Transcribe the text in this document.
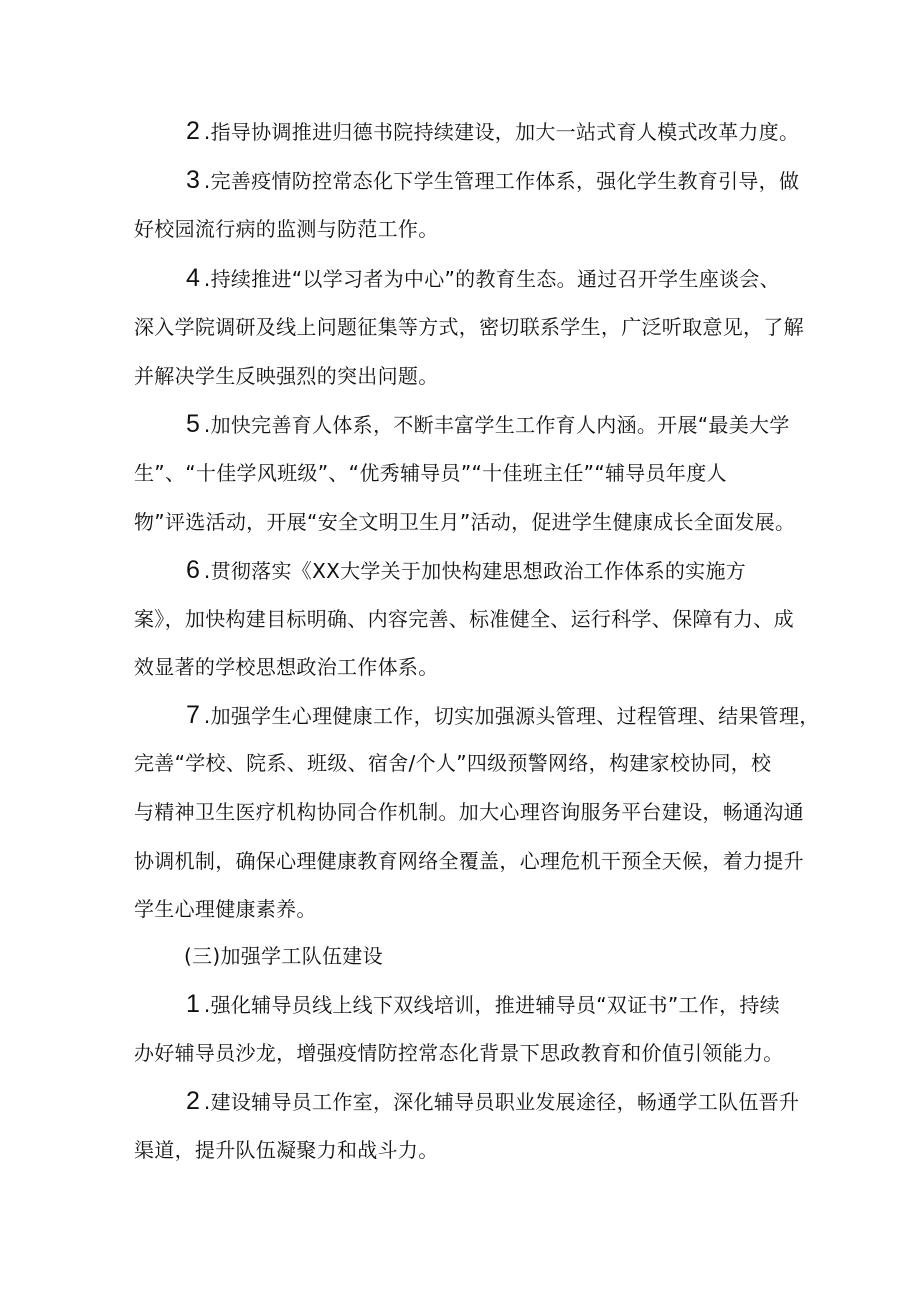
2 .指导协调推进归德书院持续建设，加大一站式育人模式改革力度。
3 .完善疫情防控常态化下学生管理工作体系，强化学生教育引导，做
好校园流行病的监测与防范工作。
4 .持续推进“以学习者为中心”的教育生态。通过召开学生座谈会、
深入学院调研及线上问题征集等方式，密切联系学生，广泛听取意见，了解
并解决学生反映强烈的突出问题。
5 .加快完善育人体系，不断丰富学生工作育人内涵。开展“最美大学
生”、“十佳学风班级”、“优秀辅导员”“十佳班主任”“辅导员年度人
物”评选活动，开展“安全文明卫生月”活动，促进学生健康成长全面发展。
6 .贯彻落实《XX大学关于加快构建思想政治工作体系的实施方
案》，加快构建目标明确、内容完善、标准健全、运行科学、保障有力、成
效显著的学校思想政治工作体系。
7 .加强学生心理健康工作，切实加强源头管理、过程管理、结果管理，
完善“学校、院系、班级、宿舍/个人”四级预警网络，构建家校协同，校
与精神卫生医疗机构协同合作机制。加大心理咨询服务平台建设，畅通沟通
协调机制，确保心理健康教育网络全覆盖，心理危机干预全天候，着力提升
学生心理健康素养。
(三)加强学工队伍建设
1 .强化辅导员线上线下双线培训，推进辅导员“双证书”工作，持续
办好辅导员沙龙，增强疫情防控常态化背景下思政教育和价值引领能力。
2 .建设辅导员工作室，深化辅导员职业发展途径，畅通学工队伍晋升
渠道，提升队伍凝聚力和战斗力。
